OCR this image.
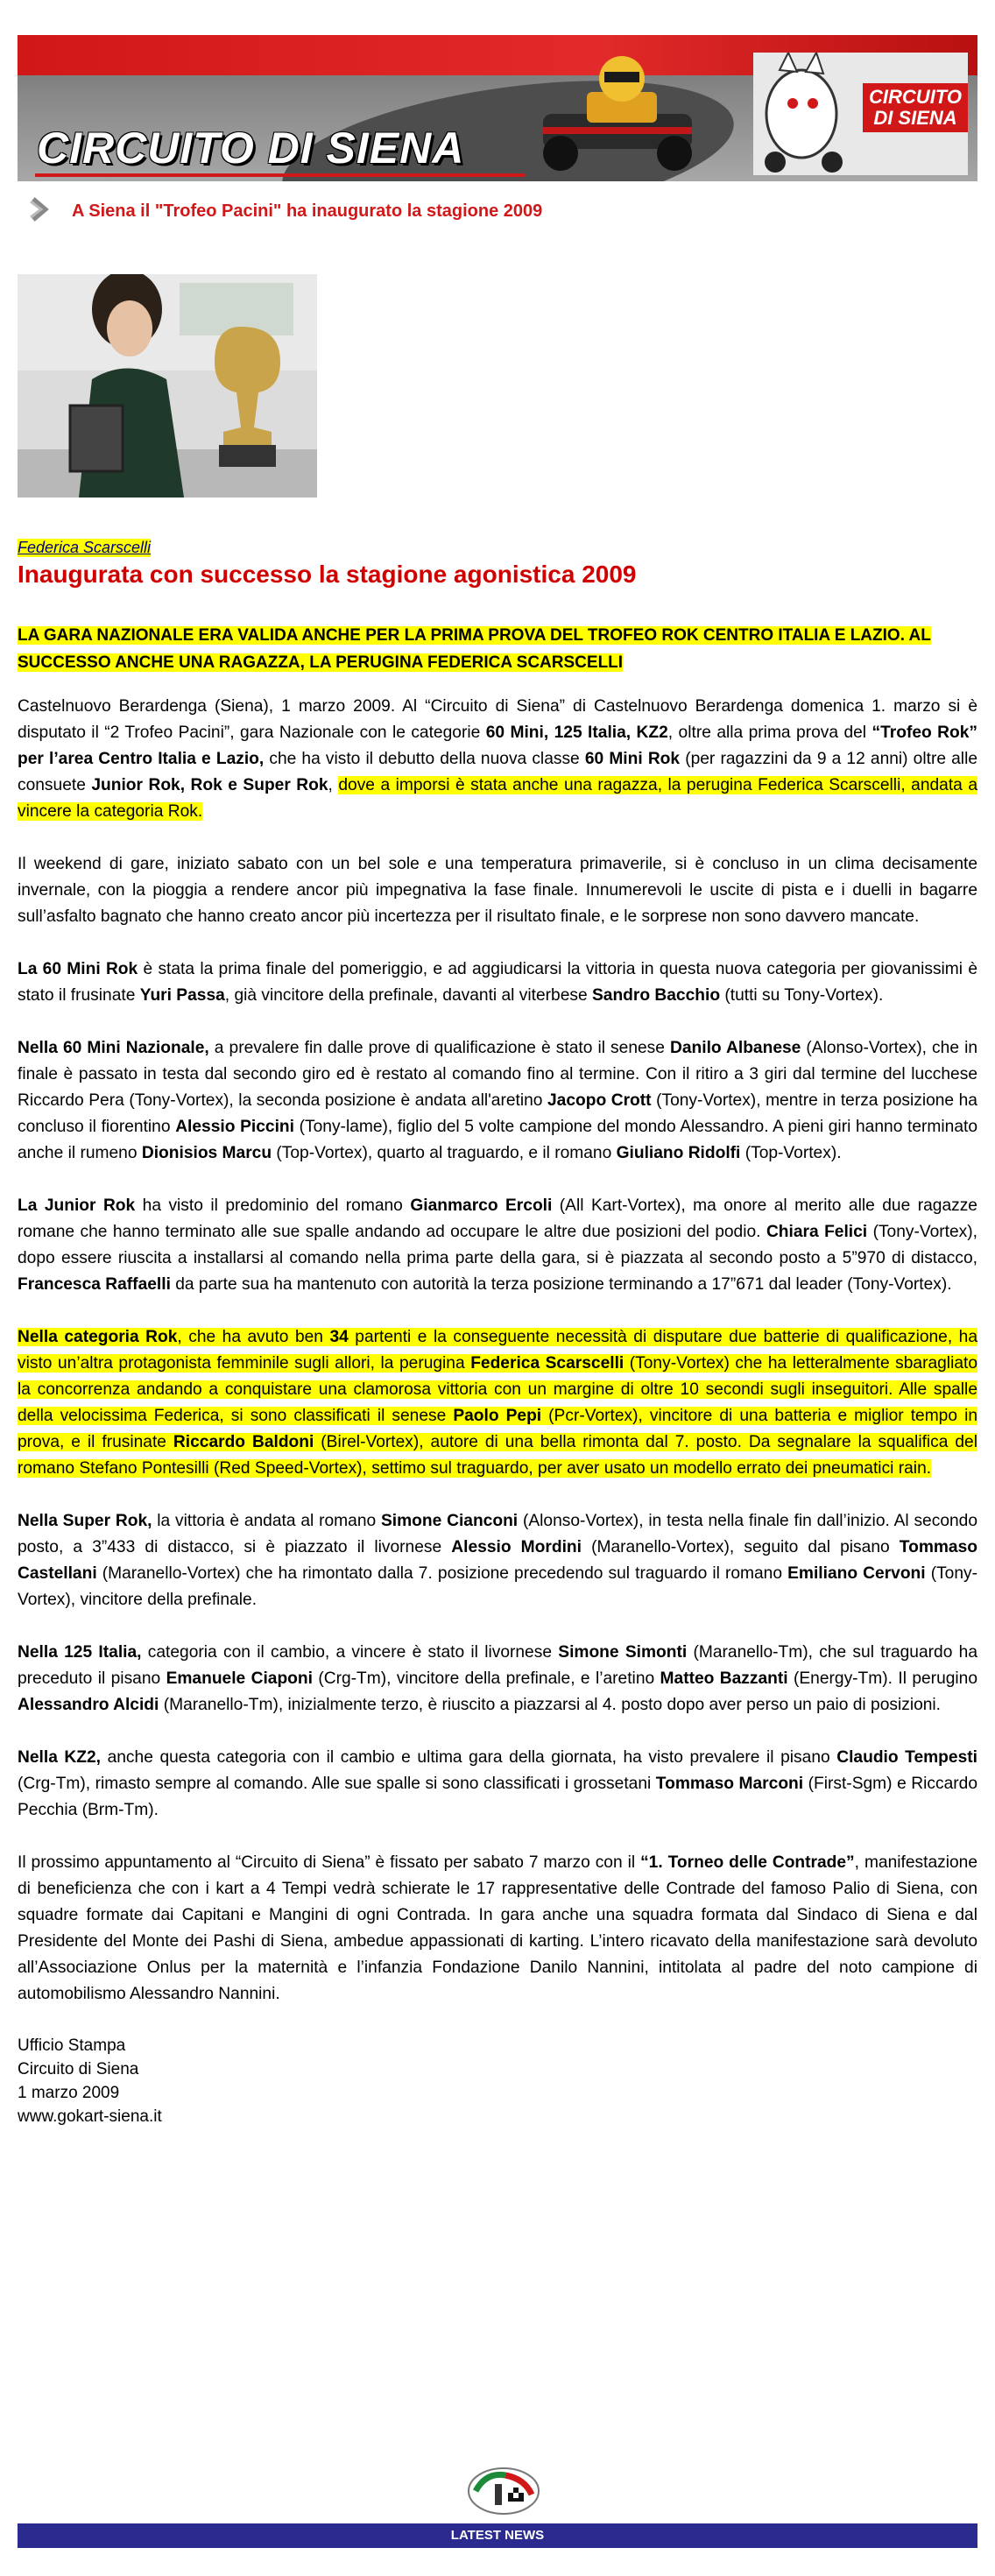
CIRCUITO DI SIENA
CIRCUITO
DI SIENA
A Siena il "Trofeo Pacini" ha inaugurato la stagione 2009
Federica Scarscelli
Inaugurata con successo la stagione agonistica 2009
LA GARA NAZIONALE ERA VALIDA ANCHE PER LA PRIMA PROVA DEL TROFEO ROK CENTRO ITALIA E LAZIO. AL SUCCESSO ANCHE UNA RAGAZZA, LA PERUGINA FEDERICA SCARSCELLI

Castelnuovo Berardenga (Siena), 1 marzo 2009. Al “Circuito di Siena” di Castelnuovo Berardenga domenica 1. marzo si è disputato il “2 Trofeo Pacini”, gara Nazionale con le categorie 60 Mini, 125 Italia, KZ2, oltre alla prima prova del “Trofeo Rok” per l’area Centro Italia e Lazio, che ha visto il debutto della nuova classe 60 Mini Rok (per ragazzini da 9 a 12 anni) oltre alle consuete Junior Rok, Rok e Super Rok, dove a imporsi è stata anche una ragazza, la perugina Federica Scarscelli, andata a vincere la categoria Rok.

Il weekend di gare, iniziato sabato con un bel sole e una temperatura primaverile, si è concluso in un clima decisamente invernale, con la pioggia a rendere ancor più impegnativa la fase finale. Innumerevoli le uscite di pista e i duelli in bagarre sull’asfalto bagnato che hanno creato ancor più incertezza per il risultato finale, e le sorprese non sono davvero mancate.

La 60 Mini Rok è stata la prima finale del pomeriggio, e ad aggiudicarsi la vittoria in questa nuova categoria per giovanissimi è stato il frusinate Yuri Passa, già vincitore della prefinale, davanti al viterbese Sandro Bacchio (tutti su Tony-Vortex).

Nella 60 Mini Nazionale, a prevalere fin dalle prove di qualificazione è stato il senese Danilo Albanese (Alonso-Vortex), che in finale è passato in testa dal secondo giro ed è restato al comando fino al termine. Con il ritiro a 3 giri dal termine del lucchese Riccardo Pera (Tony-Vortex), la seconda posizione è andata all'aretino Jacopo Crott (Tony-Vortex), mentre in terza posizione ha concluso il fiorentino Alessio Piccini (Tony-lame), figlio del 5 volte campione del mondo Alessandro. A pieni giri hanno terminato anche il rumeno Dionisios Marcu (Top-Vortex), quarto al traguardo, e il romano Giuliano Ridolfi (Top-Vortex).

La Junior Rok ha visto il predominio del romano Gianmarco Ercoli (All Kart-Vortex), ma onore al merito alle due ragazze romane che hanno terminato alle sue spalle andando ad occupare le altre due posizioni del podio. Chiara Felici (Tony-Vortex), dopo essere riuscita a installarsi al comando nella prima parte della gara, si è piazzata al secondo posto a 5”970 di distacco, Francesca Raffaelli da parte sua ha mantenuto con autorità la terza posizione terminando a 17”671 dal leader (Tony-Vortex).

Nella categoria Rok, che ha avuto ben 34 partenti e la conseguente necessità di disputare due batterie di qualificazione, ha visto un’altra protagonista femminile sugli allori, la perugina Federica Scarscelli (Tony-Vortex) che ha letteralmente sbaragliato la concorrenza andando a conquistare una clamorosa vittoria con un margine di oltre 10 secondi sugli inseguitori. Alle spalle della velocissima Federica, si sono classificati il senese Paolo Pepi (Pcr-Vortex), vincitore di una batteria e miglior tempo in prova, e il frusinate Riccardo Baldoni (Birel-Vortex), autore di una bella rimonta dal 7. posto. Da segnalare la squalifica del romano Stefano Pontesilli (Red Speed-Vortex), settimo sul traguardo, per aver usato un modello errato dei pneumatici rain.

Nella Super Rok, la vittoria è andata al romano Simone Cianconi (Alonso-Vortex), in testa nella finale fin dall’inizio. Al secondo posto, a 3”433 di distacco, si è piazzato il livornese Alessio Mordini (Maranello-Vortex), seguito dal pisano Tommaso Castellani (Maranello-Vortex) che ha rimontato dalla 7. posizione precedendo sul traguardo il romano Emiliano Cervoni (Tony-Vortex), vincitore della prefinale.

Nella 125 Italia, categoria con il cambio, a vincere è stato il livornese Simone Simonti (Maranello-Tm), che sul traguardo ha preceduto il pisano Emanuele Ciaponi (Crg-Tm), vincitore della prefinale, e l’aretino Matteo Bazzanti (Energy-Tm). Il perugino Alessandro Alcidi (Maranello-Tm), inizialmente terzo, è riuscito a piazzarsi al 4. posto dopo aver perso un paio di posizioni.

Nella KZ2, anche questa categoria con il cambio e ultima gara della giornata, ha visto prevalere il pisano Claudio Tempesti (Crg-Tm), rimasto sempre al comando. Alle sue spalle si sono classificati i grossetani Tommaso Marconi (First-Sgm) e Riccardo Pecchia (Brm-Tm).

Il prossimo appuntamento al “Circuito di Siena” è fissato per sabato 7 marzo con il “1. Torneo delle Contrade”, manifestazione di beneficienza che con i kart a 4 Tempi vedrà schierate le 17 rappresentative delle Contrade del famoso Palio di Siena, con squadre formate dai Capitani e Mangini di ogni Contrada. In gara anche una squadra formata dal Sindaco di Siena e dal Presidente del Monte dei Pashi di Siena, ambedue appassionati di karting. L’intero ricavato della manifestazione sarà devoluto all’Associazione Onlus per la maternità e l’infanzia Fondazione Danilo Nannini, intitolata al padre del noto campione di automobilismo Alessandro Nannini.

Ufficio Stampa
Circuito di Siena
1 marzo 2009
www.gokart-siena.it
LATEST NEWS
